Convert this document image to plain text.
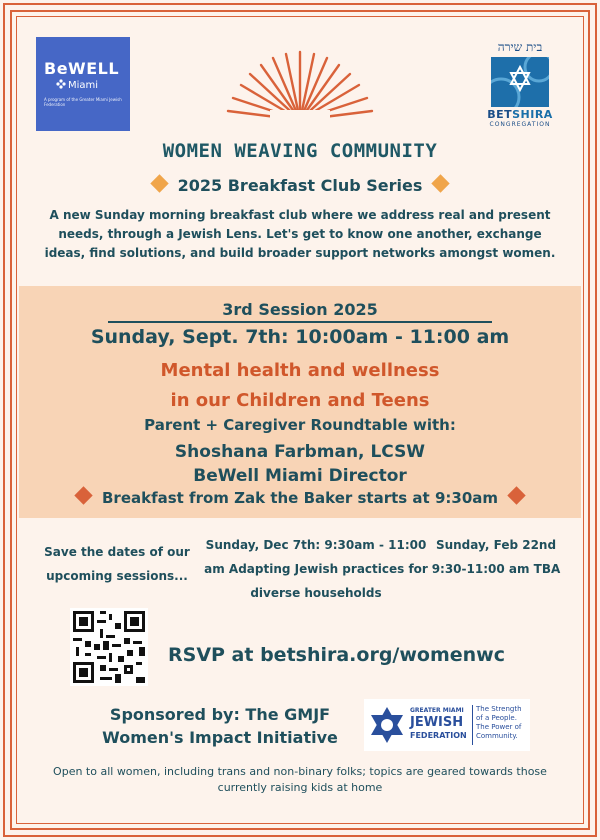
BeWELL
Miami
A program of the Greater Miami Jewish Federation
בית שירה
BETSHIRA
CONGREGATION
WOMEN WEAVING COMMUNITY
2025 Breakfast Club Series
A new Sunday morning breakfast club where we address real and present needs, through a Jewish Lens. Let's get to know one another, exchange ideas, find solutions, and build broader support networks amongst women.
3rd Session 2025
Sunday, Sept. 7th: 10:00am - 11:00 am
Mental health and wellness
in our Children and Teens
Parent + Caregiver Roundtable with:
Shoshana Farbman, LCSW
BeWell Miami Director
Breakfast from Zak the Baker starts at 9:30am
Save the dates of our upcoming sessions...
Sunday, Dec 7th: 9:30am - 11:00 am Adapting Jewish practices for diverse households
Sunday, Feb 22nd 9:30-11:00 am TBA
RSVP at betshira.org/womenwc
Sponsored by: The GMJF Women's Impact Initiative
GREATER MIAMI
JEWISH
FEDERATION
The Strength of a People. The Power of Community.
Open to all women, including trans and non-binary folks; topics are geared towards those currently raising kids at home
